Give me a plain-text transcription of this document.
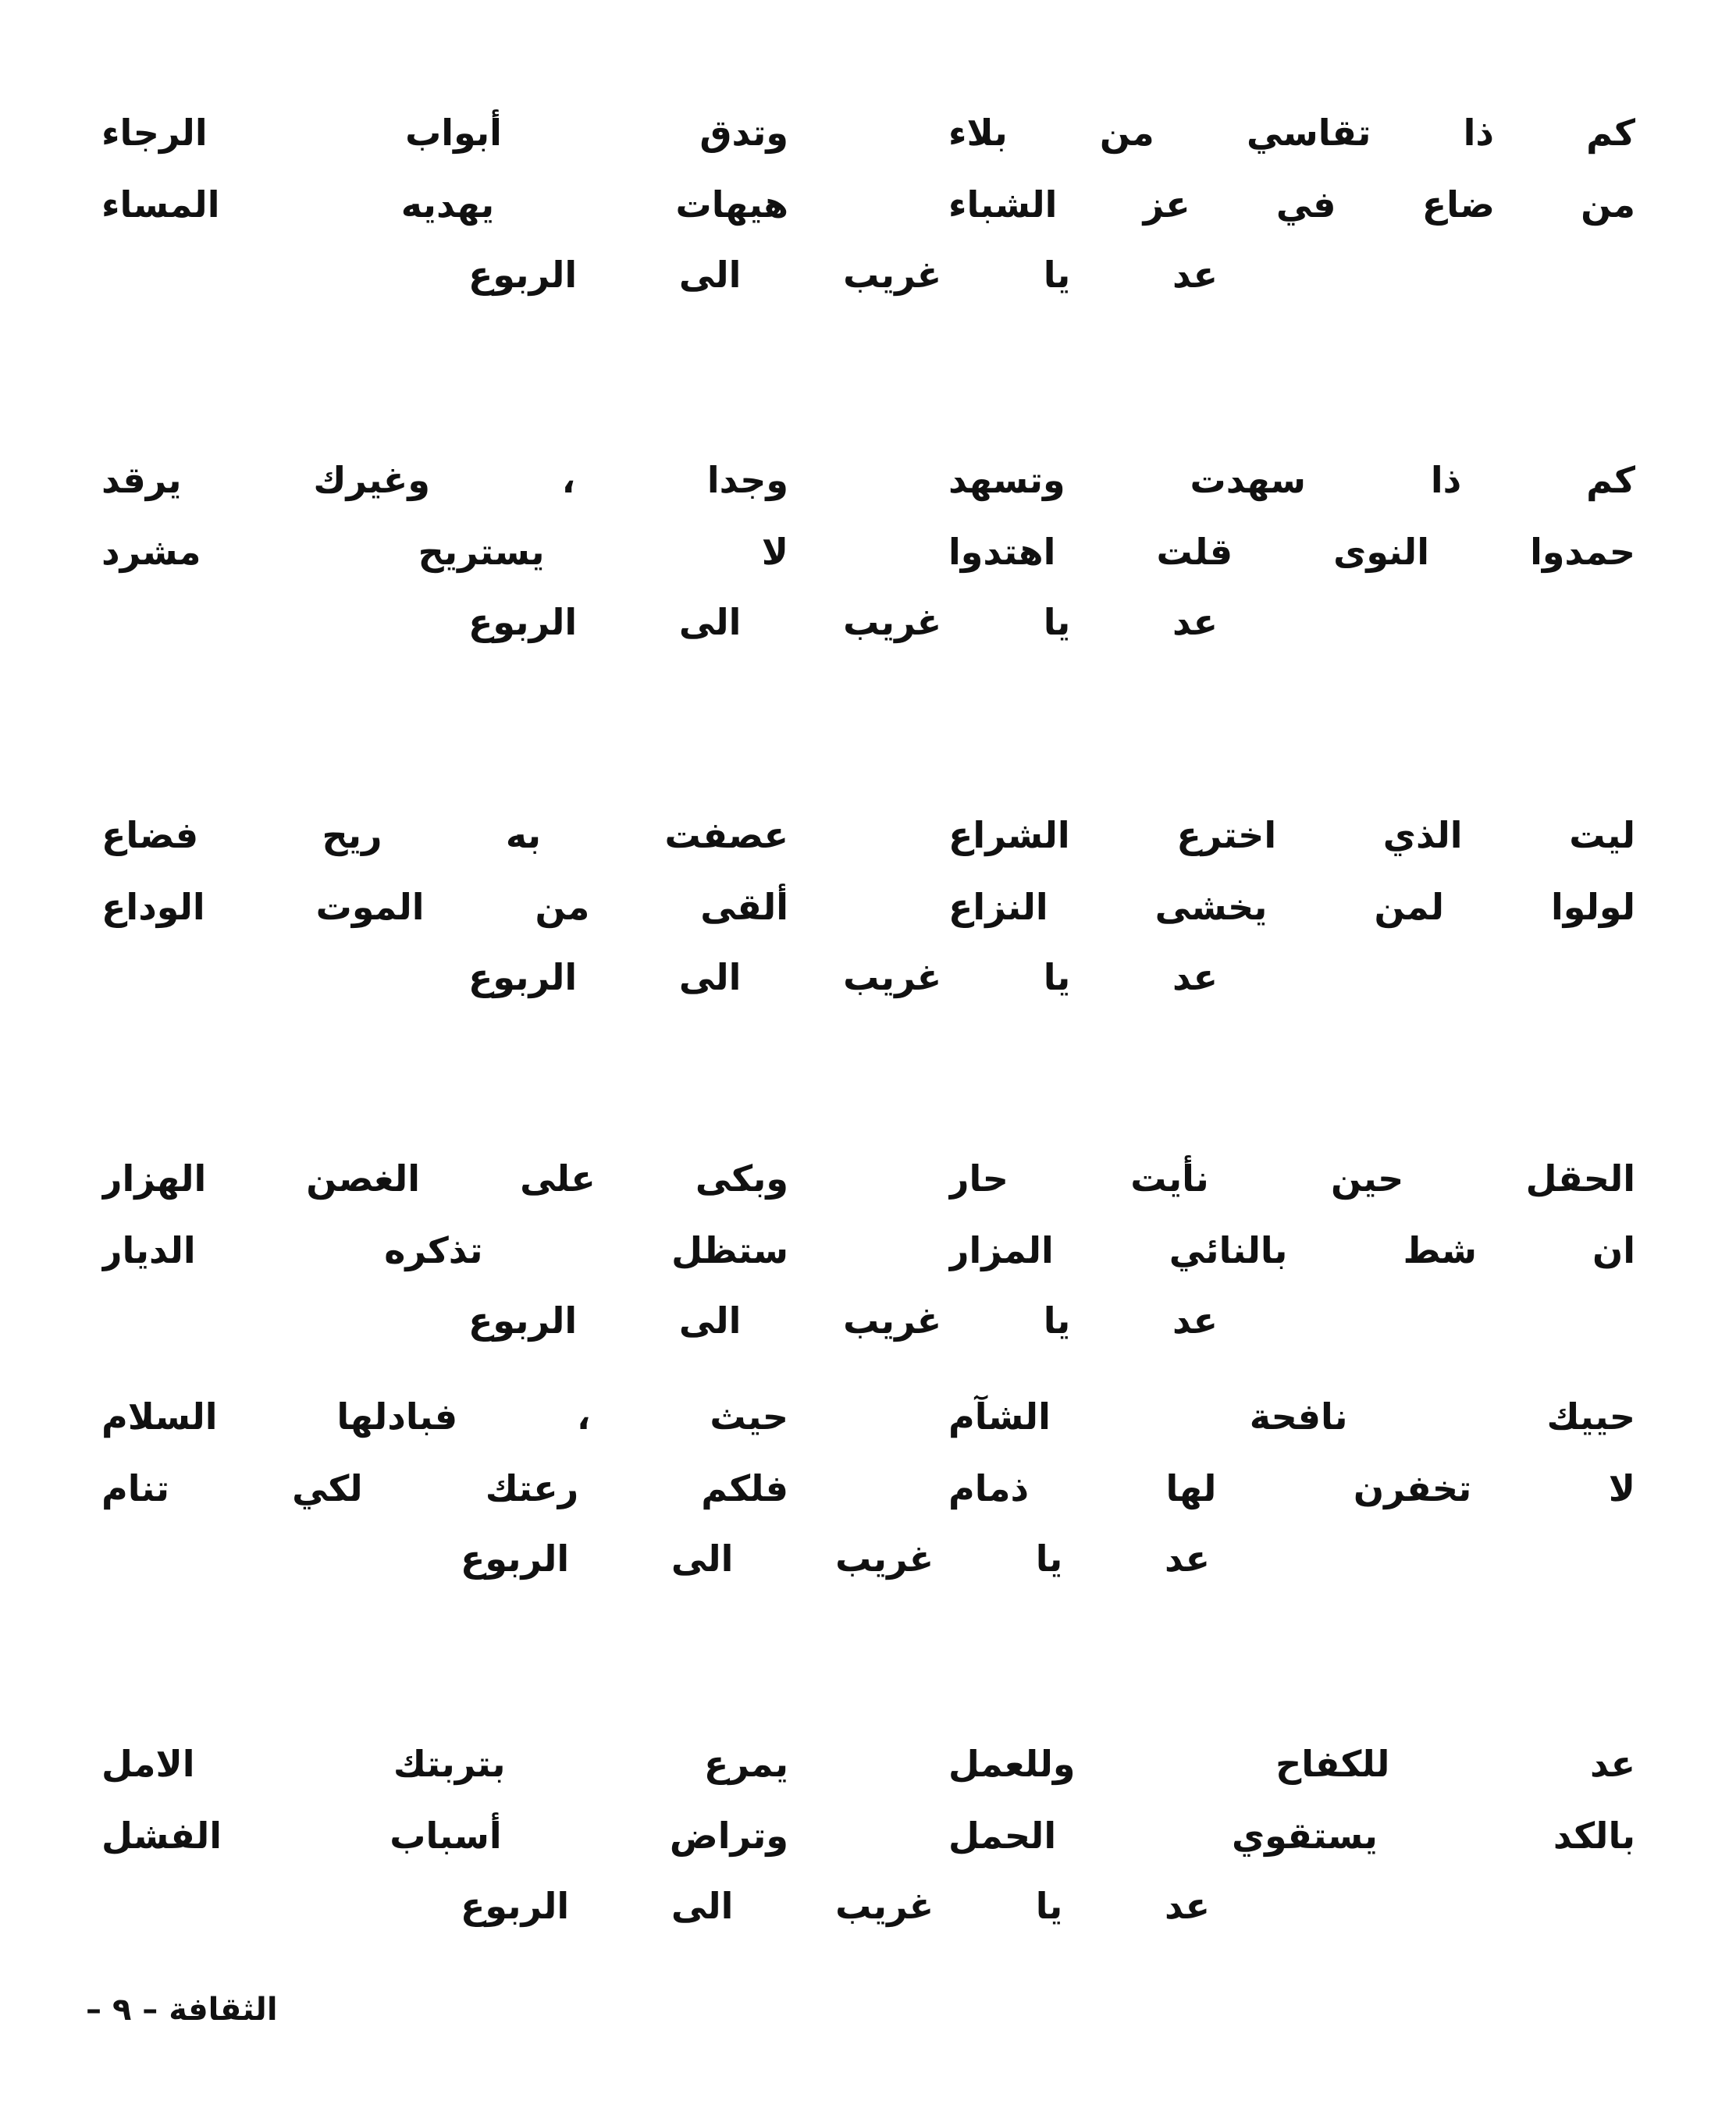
كم ذا تقاسي من بلاء
وتدق أبواب الرجاء
من ضاع في عز الشباء
هيهات يهديه المساء
عد يا غريب الى الربوع
كم ذا سهدت وتسهد
وجدا ، وغيرك يرقد
حمدوا النوى قلت اهتدوا
لا يستريح مشرد
عد يا غريب الى الربوع
ليت الذي اخترع الشراع
عصفت به ريح فضاع
لولوا لمن يخشى النزاع
ألقى من الموت الوداع
عد يا غريب الى الربوع
الحقل حين نأيت حار
وبكى على الغصن الهزار
ان شط بالنائي المزار
ستظل تذكره الديار
عد يا غريب الى الربوع
حييك نافحة الشآم
حيث ، فبادلها السلام
لا تخفرن لها ذمام
فلكم رعتك لكي تنام
عد يا غريب الى الربوع
عد للكفاح وللعمل
يمرع بتربتك الامل
بالكد يستقوي الحمل
وتراض أسباب الفشل
عد يا غريب الى الربوع
الثقافة – ٩ –
